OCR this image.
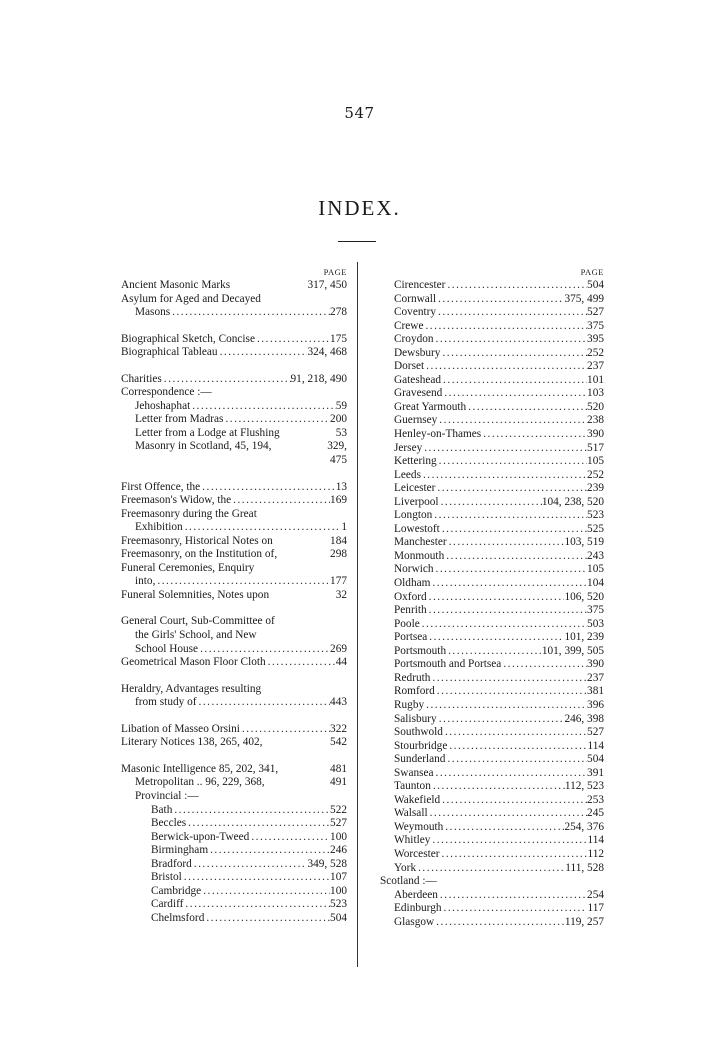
547
INDEX.
PAGE
Ancient Masonic Marks	317, 450
Asylum for Aged and Decayed
Masons .....	278
Biographical Sketch, Concise .....	175
Biographical Tableau .....	324, 468
Charities .....	91, 218, 490
Correspondence :—
Jehoshaphat .....	59
Letter from Madras .....	200
Letter from a Lodge at Flushing	53
Masonry in Scotland, 45, 194,	329,
475
First Offence, the .....	13
Freemason's Widow, the .....	169
Freemasonry during the Great
Exhibition .....	1
Freemasonry, Historical Notes on	184
Freemasonry, on the Institution of,	298
Funeral Ceremonies, Enquiry
into, .....	177
Funeral Solemnities, Notes upon	32
General Court, Sub-Committee of
the Girls' School, and New
School House .....	269
Geometrical Mason Floor Cloth .....	44
Heraldry, Advantages resulting
from study of .....	443
Libation of Masseo Orsini .....	322
Literary Notices 138, 265, 402,	542
Masonic Intelligence 85, 202, 341,	481
Metropolitan .. 96, 229, 368,	491
Provincial :—
Bath .....	522
Beccles .....	527
Berwick-upon-Tweed .....	100
Birmingham .....	246
Bradford .....	349, 528
Bristol .....	107
Cambridge .....	100
Cardiff .....	523
Chelmsford .....	504
PAGE
Cirencester .....	504
Cornwall .....	375, 499
Coventry .....	527
Crewe .....	375
Croydon .....	395
Dewsbury .....	252
Dorset .....	237
Gateshead .....	101
Gravesend .....	103
Great Yarmouth .....	520
Guernsey .....	238
Henley-on-Thames .....	390
Jersey .....	517
Kettering .....	105
Leeds .....	252
Leicester .....	239
Liverpool .....	104, 238, 520
Longton .....	523
Lowestoft .....	525
Manchester .....	103, 519
Monmouth .....	243
Norwich .....	105
Oldham .....	104
Oxford .....	106, 520
Penrith .....	375
Poole .....	503
Portsea .....	101, 239
Portsmouth .....	101, 399, 505
Portsmouth and Portsea .....	390
Redruth .....	237
Romford .....	381
Rugby .....	396
Salisbury .....	246, 398
Southwold .....	527
Stourbridge .....	114
Sunderland .....	504
Swansea .....	391
Taunton .....	112, 523
Wakefield .....	253
Walsall .....	245
Weymouth .....	254, 376
Whitley .....	114
Worcester .....	112
York .....	111, 528
Scotland :—
Aberdeen .....	254
Edinburgh .....	117
Glasgow .....	119, 257
